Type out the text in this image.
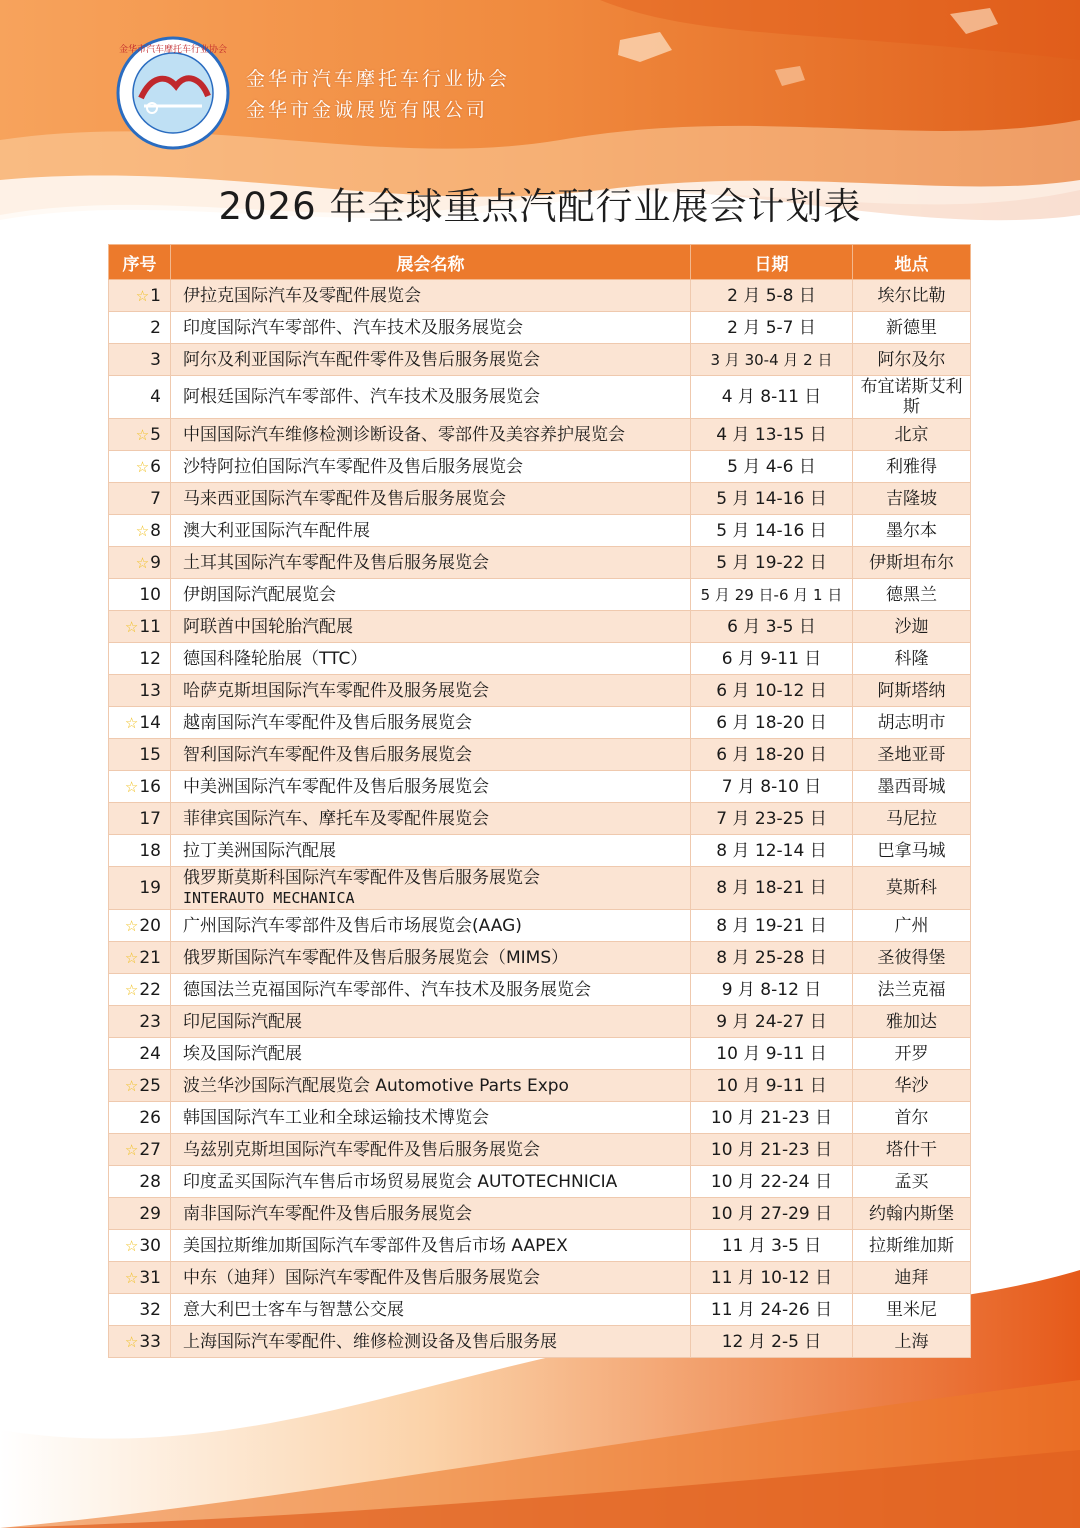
金华市汽车摩托车行业协会
金华市汽车摩托车行业协会
金华市金诚展览有限公司
2026 年全球重点汽配行业展会计划表
序号	展会名称	日期	地点
☆1	伊拉克国际汽车及零配件展览会	2 月 5-8 日	埃尔比勒
2	印度国际汽车零部件、汽车技术及服务展览会	2 月 5-7 日	新德里
3	阿尔及利亚国际汽车配件零件及售后服务展览会	3 月 30-4 月 2 日	阿尔及尔
4	阿根廷国际汽车零部件、汽车技术及服务展览会	4 月 8-11 日	布宜诺斯艾利斯
☆5	中国国际汽车维修检测诊断设备、零部件及美容养护展览会	4 月 13-15 日	北京
☆6	沙特阿拉伯国际汽车零配件及售后服务展览会	5 月 4-6 日	利雅得
7	马来西亚国际汽车零配件及售后服务展览会	5 月 14-16 日	吉隆坡
☆8	澳大利亚国际汽车配件展	5 月 14-16 日	墨尔本
☆9	土耳其国际汽车零配件及售后服务展览会	5 月 19-22 日	伊斯坦布尔
10	伊朗国际汽配展览会	5 月 29 日-6 月 1 日	德黑兰
☆11	阿联酋中国轮胎汽配展	6 月 3-5 日	沙迦
12	德国科隆轮胎展（TTC）	6 月 9-11 日	科隆
13	哈萨克斯坦国际汽车零配件及服务展览会	6 月 10-12 日	阿斯塔纳
☆14	越南国际汽车零配件及售后服务展览会	6 月 18-20 日	胡志明市
15	智利国际汽车零配件及售后服务展览会	6 月 18-20 日	圣地亚哥
☆16	中美洲国际汽车零配件及售后服务展览会	7 月 8-10 日	墨西哥城
17	菲律宾国际汽车、摩托车及零配件展览会	7 月 23-25 日	马尼拉
18	拉丁美洲国际汽配展	8 月 12-14 日	巴拿马城
19	俄罗斯莫斯科国际汽车零配件及售后服务展览会
INTERAUTO MECHANICA	8 月 18-21 日	莫斯科
☆20	广州国际汽车零部件及售后市场展览会(AAG)	8 月 19-21 日	广州
☆21	俄罗斯国际汽车零配件及售后服务展览会（MIMS）	8 月 25-28 日	圣彼得堡
☆22	德国法兰克福国际汽车零部件、汽车技术及服务展览会	9 月 8-12 日	法兰克福
23	印尼国际汽配展	9 月 24-27 日	雅加达
24	埃及国际汽配展	10 月 9-11 日	开罗
☆25	波兰华沙国际汽配展览会 Automotive Parts Expo	10 月 9-11 日	华沙
26	韩国国际汽车工业和全球运输技术博览会	10 月 21-23 日	首尔
☆27	乌兹别克斯坦国际汽车零配件及售后服务展览会	10 月 21-23 日	塔什干
28	印度孟买国际汽车售后市场贸易展览会 AUTOTECHNICIA	10 月 22-24 日	孟买
29	南非国际汽车零配件及售后服务展览会	10 月 27-29 日	约翰内斯堡
☆30	美国拉斯维加斯国际汽车零部件及售后市场 AAPEX	11 月 3-5 日	拉斯维加斯
☆31	中东（迪拜）国际汽车零配件及售后服务展览会	11 月 10-12 日	迪拜
32	意大利巴士客车与智慧公交展	11 月 24-26 日	里米尼
☆33	上海国际汽车零配件、维修检测设备及售后服务展	12 月 2-5 日	上海
